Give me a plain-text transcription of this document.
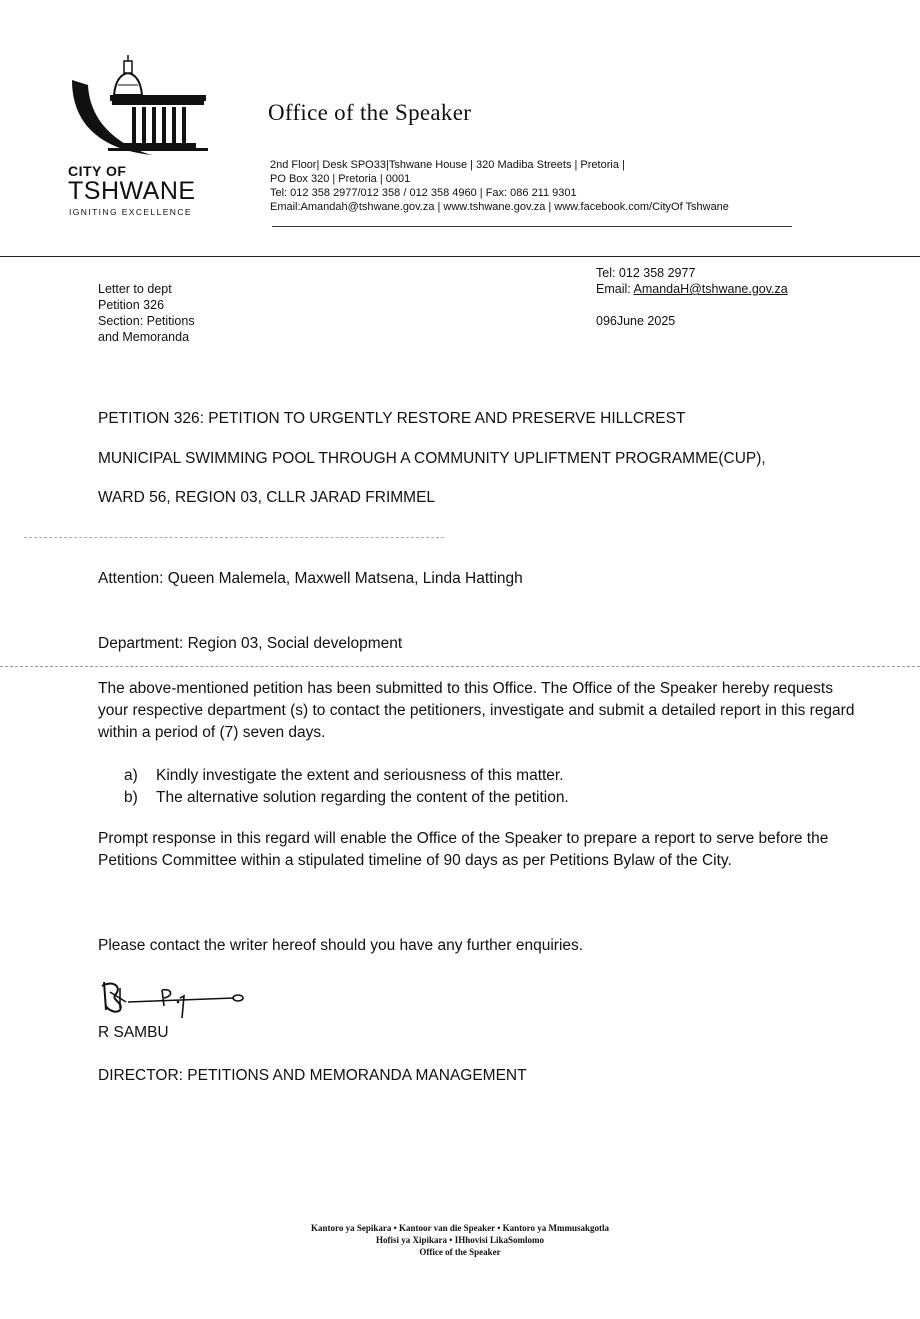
CITY OF
TSHWANE
IGNITING EXCELLENCE
Office of the Speaker
2nd Floor| Desk SPO33|Tshwane House | 320 Madiba Streets | Pretoria |
PO Box 320 | Pretoria | 0001
Tel: 012 358 2977/012 358 / 012 358 4960 | Fax: 086 211 9301
Email:Amandah@tshwane.gov.za | www.tshwane.gov.za | www.facebook.com/CityOf Tshwane
Letter to dept
Petition 326
Section: Petitions
and Memoranda
Tel: 012 358 2977
Email: AmandaH@tshwane.gov.za
096June 2025
PETITION 326: PETITION TO URGENTLY RESTORE AND PRESERVE HILLCREST
MUNICIPAL SWIMMING POOL THROUGH A COMMUNITY UPLIFTMENT PROGRAMME(CUP),
WARD 56, REGION 03, CLLR JARAD FRIMMEL
Attention: Queen Malemela, Maxwell Matsena, Linda Hattingh
Department: Region 03, Social development
The above-mentioned petition has been submitted to this Office. The Office of the Speaker hereby requests your respective department (s) to contact the petitioners, investigate and submit a detailed report in this regard within a period of (7) seven days.
a) Kindly investigate the extent and seriousness of this matter.
b) The alternative solution regarding the content of the petition.
Prompt response in this regard will enable the Office of the Speaker to prepare a report to serve before the Petitions Committee within a stipulated timeline of 90 days as per Petitions Bylaw of the City.
Please contact the writer hereof should you have any further enquiries.
R SAMBU
DIRECTOR: PETITIONS AND MEMORANDA MANAGEMENT
Kantoro ya Sepikara • Kantoor van die Speaker • Kantoro ya Mmmusakgotla
Hofisi ya Xipikara • IHhovisi LikaSomlomo
Office of the Speaker
